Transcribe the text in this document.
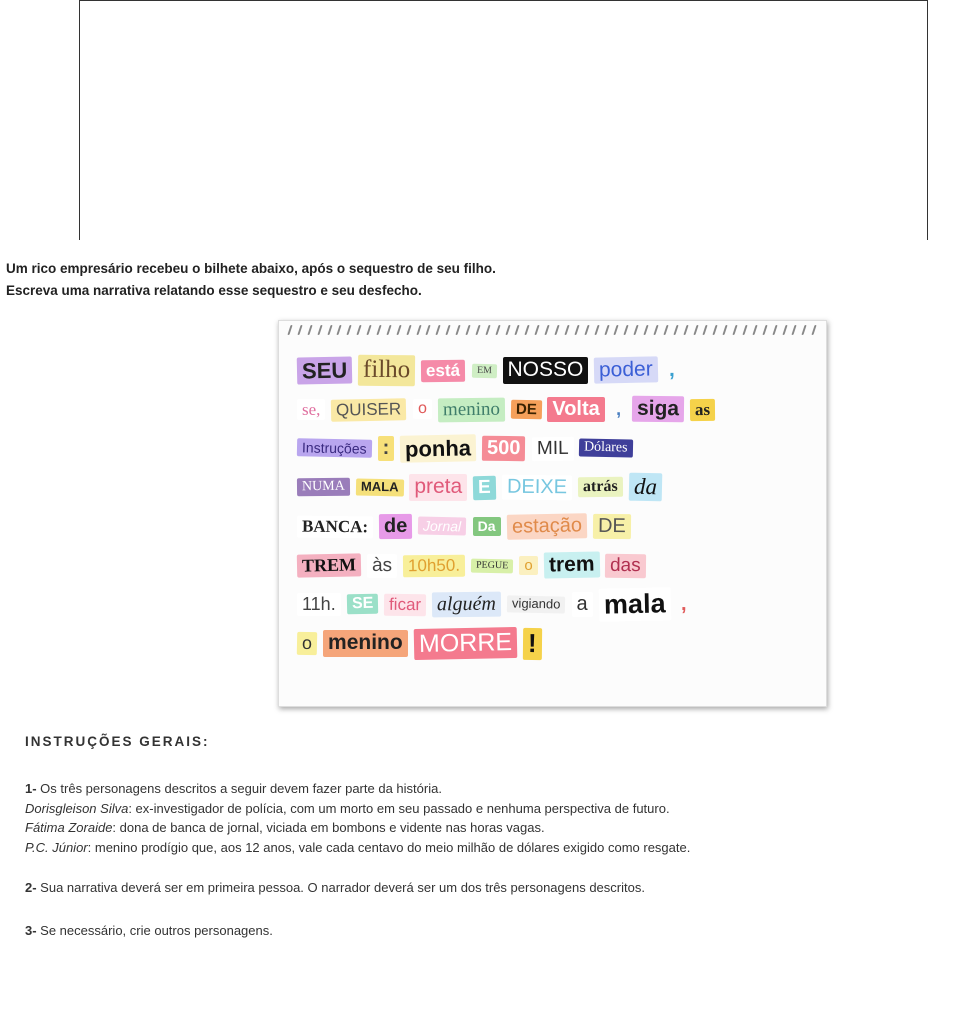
Um rico empresário recebeu o bilhete abaixo, após o sequestro de seu filho.
Escreva uma narrativa relatando esse sequestro e seu desfecho.
SEU filho está	EM NOSSO poder ,
se, QUISER o menino	DE Volta , siga as
Instruções : ponha 500 MIL	Dólares
NUMA	MALA preta E DEIXE atrás da
BANCA: de	Jornal	Da estação DE
TREM às 10h50.	PEGUE	o trem das
11h. SE ficar alguém	vigiando a mala ,
o menino MORRE !
INSTRUÇÕES GERAIS:
1- Os três personagens descritos a seguir devem fazer parte da história.
Dorisgleison Silva: ex-investigador de polícia, com um morto em seu passado e nenhuma perspectiva de futuro.
Fátima Zoraide: dona de banca de jornal, viciada em bombons e vidente nas horas vagas.
P.C. Júnior: menino prodígio que, aos 12 anos, vale cada centavo do meio milhão de dólares exigido como resgate.
2- Sua narrativa deverá ser em primeira pessoa. O narrador deverá ser um dos três personagens descritos.
3- Se necessário, crie outros personagens.
